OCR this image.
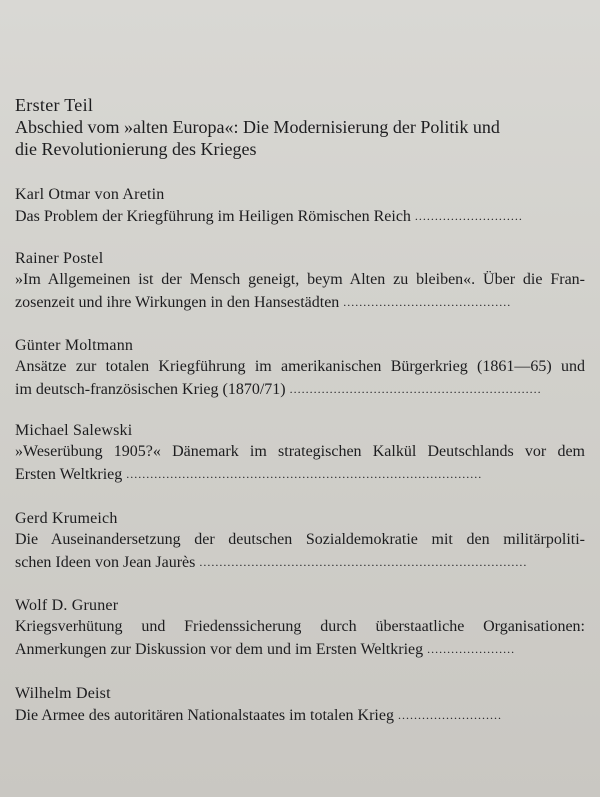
Erster Teil
Abschied vom »alten Europa«: Die Modernisierung der Politik und
die Revolutionierung des Krieges
Karl Otmar von Aretin
Das Problem der Kriegführung im Heiligen Römischen Reich ...........................
Rainer Postel
»Im Allgemeinen ist der Mensch geneigt, beym Alten zu bleiben«. Über die Fran-
zosenzeit und ihre Wirkungen in den Hansestädten ..........................................
Günter Moltmann
Ansätze zur totalen Kriegführung im amerikanischen Bürgerkrieg (1861—65) und
im deutsch-französischen Krieg (1870/71) ...............................................................
Michael Salewski
»Weserübung 1905?« Dänemark im strategischen Kalkül Deutschlands vor dem
Ersten Weltkrieg .........................................................................................
Gerd Krumeich
Die Auseinandersetzung der deutschen Sozialdemokratie mit den militärpoliti-
schen Ideen von Jean Jaurès ..................................................................................
Wolf D. Gruner
Kriegsverhütung und Friedenssicherung durch überstaatliche Organisationen:
Anmerkungen zur Diskussion vor dem und im Ersten Weltkrieg ......................
Wilhelm Deist
Die Armee des autoritären Nationalstaates im totalen Krieg ..........................
